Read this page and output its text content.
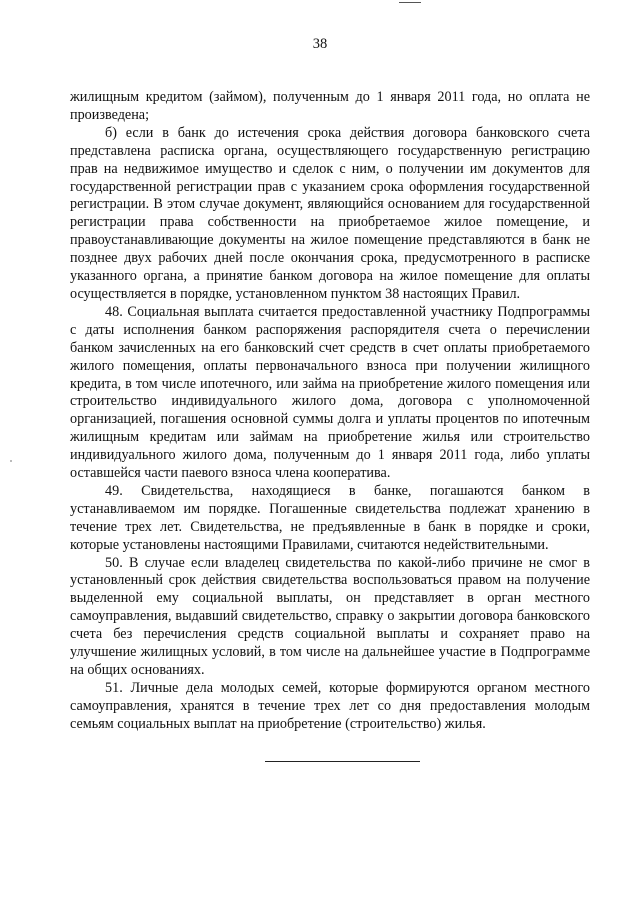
38

жилищным кредитом (займом), полученным до 1 января 2011 года, но оплата не произведена;

б) если в банк до истечения срока действия договора банковского счета представлена расписка органа, осуществляющего государственную регистрацию прав на недвижимое имущество и сделок с ним, о получении им документов для государственной регистрации прав с указанием срока оформления государственной регистрации. В этом случае документ, являющийся основанием для государственной регистрации права собственности на приобретаемое жилое помещение, и правоустанавливающие документы на жилое помещение представляются в банк не позднее двух рабочих дней после окончания срока, предусмотренного в расписке указанного органа, а принятие банком договора на жилое помещение для оплаты осуществляется в порядке, установленном пунктом 38 настоящих Правил.

48. Социальная выплата считается предоставленной участнику Подпрограммы с даты исполнения банком распоряжения распорядителя счета о перечислении банком зачисленных на его банковский счет средств в счет оплаты приобретаемого жилого помещения, оплаты первоначального взноса при получении жилищного кредита, в том числе ипотечного, или займа на приобретение жилого помещения или строительство индивидуального жилого дома, договора с уполномоченной организацией, погашения основной суммы долга и уплаты процентов по ипотечным жилищным кредитам или займам на приобретение жилья или строительство индивидуального жилого дома, полученным до 1 января 2011 года, либо уплаты оставшейся части паевого взноса члена кооператива.

49. Свидетельства, находящиеся в банке, погашаются банком в устанавливаемом им порядке. Погашенные свидетельства подлежат хранению в течение трех лет. Свидетельства, не предъявленные в банк в порядке и сроки, которые установлены настоящими Правилами, считаются недействительными.

50. В случае если владелец свидетельства по какой-либо причине не смог в установленный срок действия свидетельства воспользоваться правом на получение выделенной ему социальной выплаты, он представляет в орган местного самоуправления, выдавший свидетельство, справку о закрытии договора банковского счета без перечисления средств социальной выплаты и сохраняет право на улучшение жилищных условий, в том числе на дальнейшее участие в Подпрограмме на общих основаниях.

51. Личные дела молодых семей, которые формируются органом местного самоуправления, хранятся в течение трех лет со дня предоставления молодым семьям социальных выплат на приобретение (строительство) жилья.
